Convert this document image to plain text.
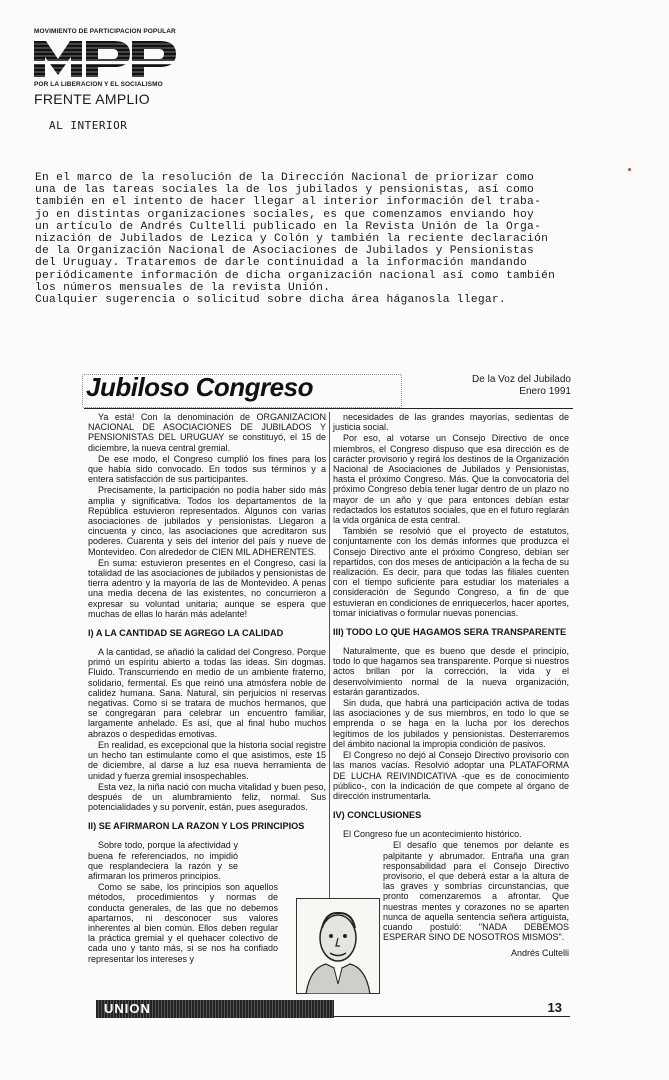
MOVIMIENTO DE PARTICIPACION POPULAR
POR LA LIBERACION Y EL SOCIALISMO
FRENTE AMPLIO
AL INTERIOR

En el marco de la resolución de la Dirección Nacional de priorizar como

una de las tareas sociales la de los jubilados y pensionistas, así como

también en el intento de hacer llegar al interior información del traba-

jo en distintas organizaciones sociales, es que comenzamos enviando hoy

un artículo de Andrés Cultelli publicado en la Revista Unión de la Orga-

nización de Jubilados de Lezica y Colón y también la reciente declaración

de la Organización Nacional de Asociaciones de Jubilados y Pensionistas

del Uruguay. Trataremos de darle continuidad a la información mandando

periódicamente información de dicha organización nacional así como también

los números mensuales de la revista Unión.

Cualquier sugerencia o solicitud sobre dicha área háganosla llegar.

Jubiloso Congreso	De la Voz del Jubilado
Enero 1991

Ya está! Con la denominación de ORGANIZACION NACIONAL DE ASOCIACIONES DE JUBILADOS Y PENSIONISTAS DEL URUGUAY se constituyó, el 15 de diciembre, la nueva central gremial.

De ese modo, el Congreso cumplió los fines para los que había sido convocado. En todos sus términos y a entera satisfacción de sus participantes.

Precisamente, la participación no podía haber sido más amplia y significativa. Todos los departamentos de la República estuvieron representados. Algunos con varias asociaciones de jubilados y pensionistas. Llegaron a cincuenta y cinco, las asociaciones que acreditaron sus poderes. Cuarenta y seis del interior del país y nueve de Montevideo. Con alrededor de CIEN MIL ADHERENTES.

En suma: estuvieron presentes en el Congreso, casi la totalidad de las asociaciones de jubilados y pensionistas de tierra adentro y la mayoría de las de Montevideo. A penas una media decena de las existentes, no concurrieron a expresar su voluntad unitaria; aunque se espera que muchas de ellas lo harán más adelante!

I) A LA CANTIDAD SE AGREGO LA CALIDAD

A la cantidad, se añadió la calidad del Congreso. Porque primó un espíritu abierto a todas las ideas. Sin dogmas. Fluido. Transcurriendo en medio de un ambiente fraterno, solidario, fermental. Es que reinó una atmósfera noble de calidez humana. Sana. Natural, sin perjuicios ni reservas negativas. Como si se tratara de muchos hermanos, que se congregaran para celebrar un encuentro familiar, largamente anhelado. Es así, que al final hubo muchos abrazos o despedidas emotivas.

En realidad, es excepcional que la historia social registre un hecho tan estimulante como el que asistimos, este 15 de diciembre, al darse a luz esa nueva herramienta de unidad y fuerza gremial insospechables.

Esta vez, la niña nació con mucha vitalidad y buen peso, después de un alumbramiento feliz, normal. Sus potencialidades y su porvenir, están, pues asegurados.

II) SE AFIRMARON LA RAZON Y LOS PRINCIPIOS

Sobre todo, porque la afectividad y buena fe referenciados, no impidió que resplandeciera la razón y se afirmaran los primeros principios.

Como se sabe, los principios son aquellos métodos, procedimientos y normas de conducta generales, de las que no debemos apartarnos, ni desconocer sus valores inherentes al bien común. Ellos deben regular la práctica gremial y el quehacer colectivo de cada uno y tanto más, si se nos ha confiado representar los intereses y

necesidades de las grandes mayorías, sedientas de justicia social.

Por eso, al votarse un Consejo Directivo de once miembros, el Congreso dispuso que esa dirección es de carácter provisorio y regirá los destinos de la Organización Nacional de Asociaciones de Jubilados y Pensionistas, hasta el próximo Congreso. Más. Que la convocatoria del próximo Congreso debía tener lugar dentro de un plazo no mayor de un año y que para entonces debían estar redactados los estatutos sociales, que en el futuro reglarán la vida orgánica de esta central.

También se resolvió que el proyecto de estatutos, conjuntamente con los demás informes que produzca el Consejo Directivo ante el próximo Congreso, debían ser repartidos, con dos meses de anticipación a la fecha de su realización. Es decir, para que todas las filiales cuenten con el tiempo suficiente para estudiar los materiales a consideración de Segundo Congreso, a fin de que estuvieran en condiciones de enriquecerlos, hacer aportes, tomar iniciativas o formular nuevas ponencias.

III) TODO LO QUE HAGAMOS SERA TRANSPARENTE

Naturalmente, que es bueno que desde el principio, todo lo que hagamos sea transparente. Porque si nuestros actos brillan por la corrección, la vida y el desenvolvimiento normal de la nueva organización, estarán garantizados.

Sin duda, que habrá una participación activa de todas las asociaciones y de sus miembros, en todo lo que se emprenda o se haga en la lucha por los derechos legítimos de los jubilados y pensionistas. Desterraremos del ámbito nacional la impropia condición de pasivos.

El Congreso no dejó al Consejo Directivo provisorio con las manos vacías. Resolvió adoptar una PLATAFORMA DE LUCHA REIVINDICATIVA -que es de conocimiento público-, con la indicación de que compete al órgano de dirección instrumentarla.

IV) CONCLUSIONES

El Congreso fue un acontecimiento histórico.

El desafío que tenemos por delante es palpitante y abrumador. Entraña una gran responsabilidad para el Consejo Directivo provisorio, el que deberá estar a la altura de las graves y sombrías circunstancias, que pronto comenzaremos a afrontar. Que nuestras mentes y corazones no se aparten nunca de aquella sentencia señera artiguista, cuando postuló: "NADA DEBEMOS ESPERAR SINO DE NOSOTROS MISMOS".

Andrés Cultelli
UNION	13
